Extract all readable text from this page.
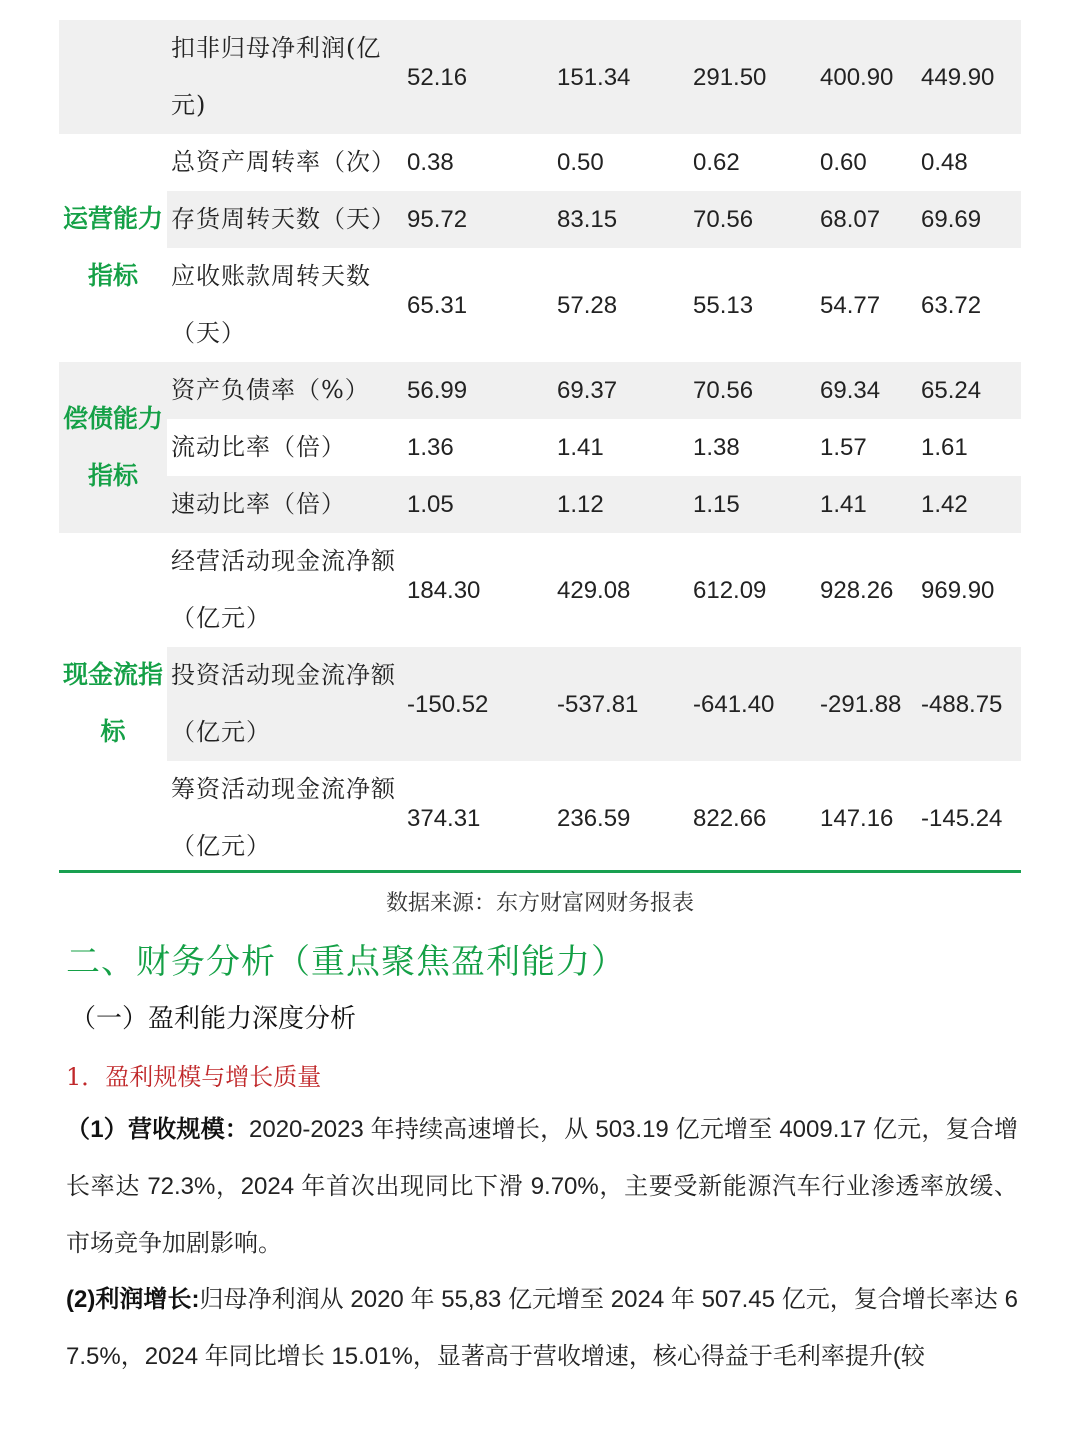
	扣非归母净利润(亿元)	52.16	151.34	291.50	400.90	449.90
运营能力指标	总资产周转率（次）	0.38	0.50	0.62	0.60	0.48
	存货周转天数（天）	95.72	83.15	70.56	68.07	69.69
	应收账款周转天数（天）	65.31	57.28	55.13	54.77	63.72
偿债能力指标	资产负债率（%）	56.99	69.37	70.56	69.34	65.24
	流动比率（倍）	1.36	1.41	1.38	1.57	1.61
	速动比率（倍）	1.05	1.12	1.15	1.41	1.42
现金流指标	经营活动现金流净额（亿元）	184.30	429.08	612.09	928.26	969.90
	投资活动现金流净额（亿元）	-150.52	-537.81	-641.40	-291.88	-488.75
	筹资活动现金流净额（亿元）	374.31	236.59	822.66	147.16	-145.24
数据来源：东方财富网财务报表
二、财务分析（重点聚焦盈利能力）
（一）盈利能力深度分析
1．盈利规模与增长质量
（1）营收规模：2020-2023 年持续高速增长，从 503.19 亿元增至 4009.17 亿元，复合增长率达 72.3%，2024 年首次出现同比下滑 9.70%，主要受新能源汽车行业渗透率放缓、市场竞争加剧影响。
(2)利润增长:归母净利润从 2020 年 55,83 亿元增至 2024 年 507.45 亿元，复合增长率达 67.5%，2024 年同比增长 15.01%，显著高于营收增速，核心得益于毛利率提升(较
